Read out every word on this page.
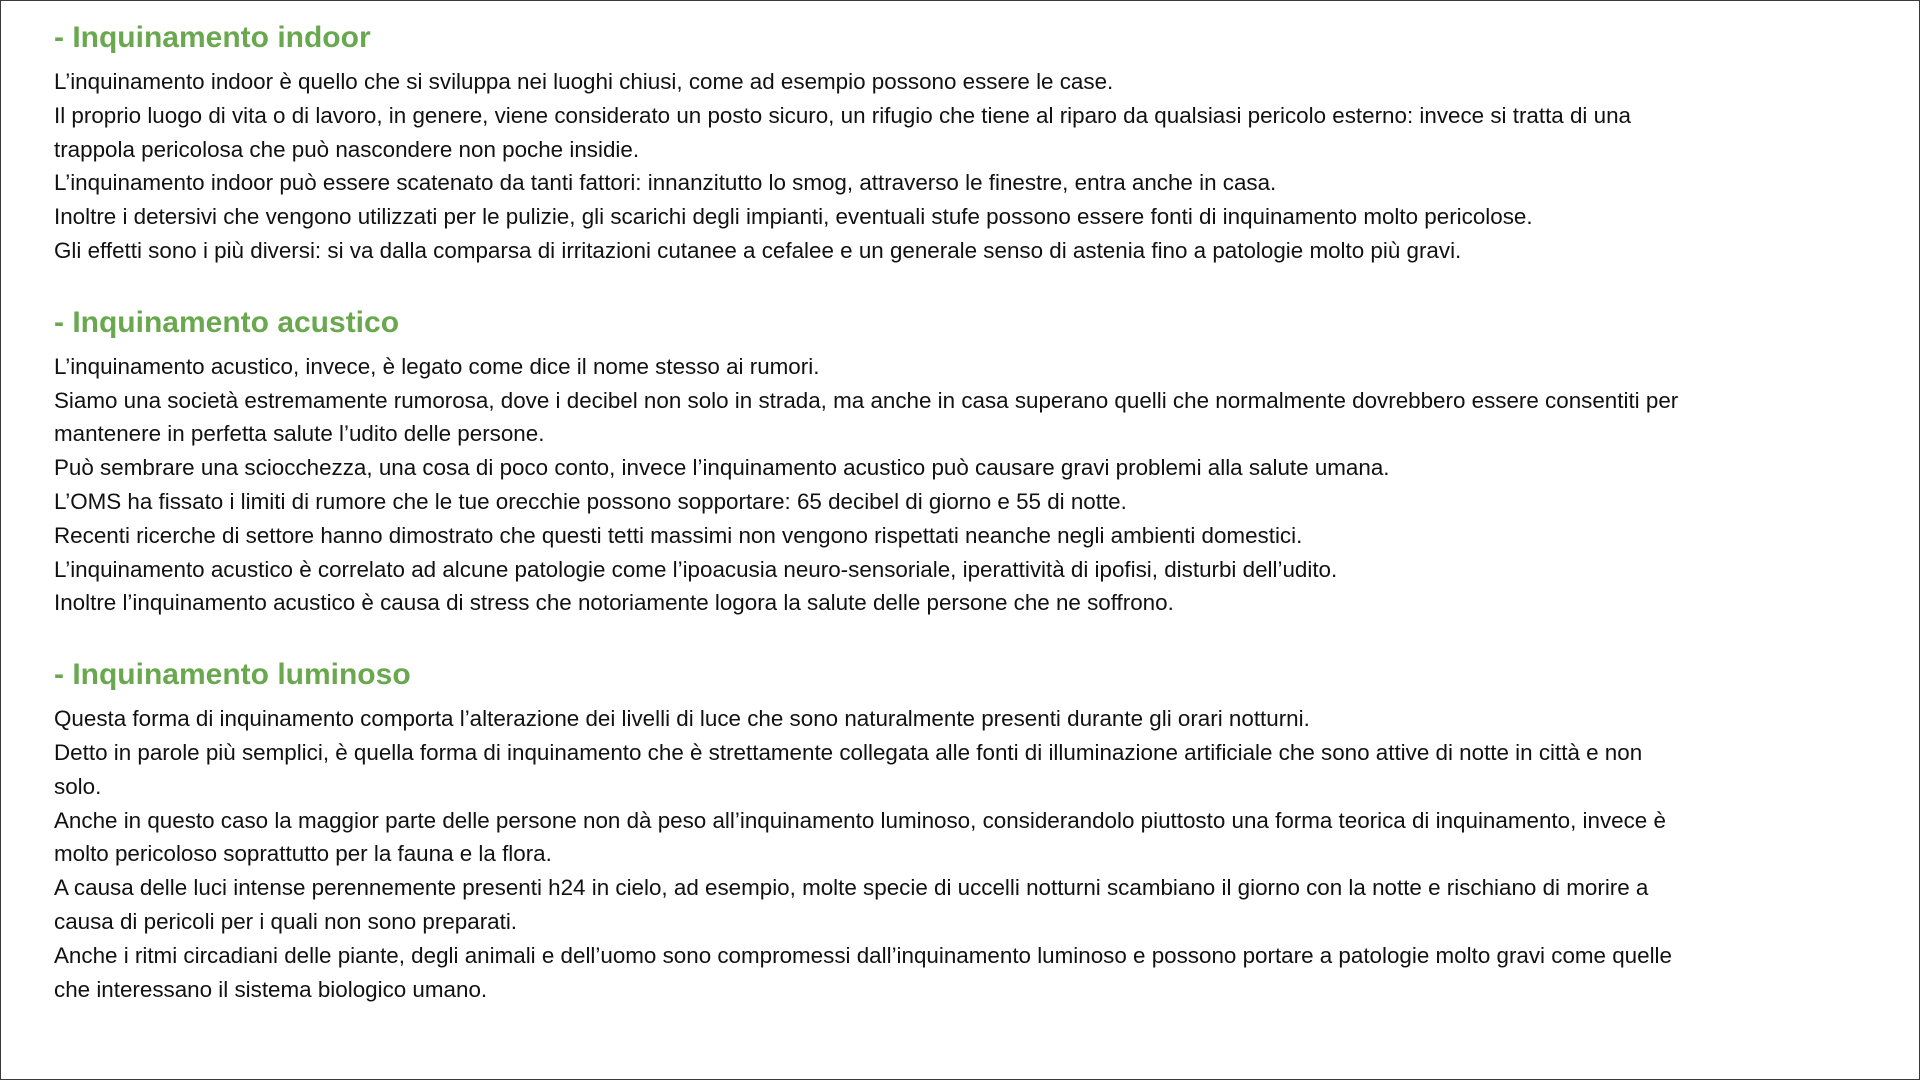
- Inquinamento indoor

L’inquinamento indoor è quello che si sviluppa nei luoghi chiusi, come ad esempio possono essere le case.

Il proprio luogo di vita o di lavoro, in genere, viene considerato un posto sicuro, un rifugio che tiene al riparo da qualsiasi pericolo esterno: invece si tratta di una

trappola pericolosa che può nascondere non poche insidie.

L’inquinamento indoor può essere scatenato da tanti fattori: innanzitutto lo smog, attraverso le finestre, entra anche in casa.

Inoltre i detersivi che vengono utilizzati per le pulizie, gli scarichi degli impianti, eventuali stufe possono essere fonti di inquinamento molto pericolose.

Gli effetti sono i più diversi: si va dalla comparsa di irritazioni cutanee a cefalee e un generale senso di astenia fino a patologie molto più gravi.

- Inquinamento acustico

L’inquinamento acustico, invece, è legato come dice il nome stesso ai rumori.

Siamo una società estremamente rumorosa, dove i decibel non solo in strada, ma anche in casa superano quelli che normalmente dovrebbero essere consentiti per

mantenere in perfetta salute l’udito delle persone.

Può sembrare una sciocchezza, una cosa di poco conto, invece l’inquinamento acustico può causare gravi problemi alla salute umana.

L’OMS ha fissato i limiti di rumore che le tue orecchie possono sopportare: 65 decibel di giorno e 55 di notte.

Recenti ricerche di settore hanno dimostrato che questi tetti massimi non vengono rispettati neanche negli ambienti domestici.

L’inquinamento acustico è correlato ad alcune patologie come l’ipoacusia neuro-sensoriale, iperattività di ipofisi, disturbi dell’udito.

Inoltre l’inquinamento acustico è causa di stress che notoriamente logora la salute delle persone che ne soffrono.

- Inquinamento luminoso

Questa forma di inquinamento comporta l’alterazione dei livelli di luce che sono naturalmente presenti durante gli orari notturni.

Detto in parole più semplici, è quella forma di inquinamento che è strettamente collegata alle fonti di illuminazione artificiale che sono attive di notte in città e non

solo.

Anche in questo caso la maggior parte delle persone non dà peso all’inquinamento luminoso, considerandolo piuttosto una forma teorica di inquinamento, invece è

molto pericoloso soprattutto per la fauna e la flora.

A causa delle luci intense perennemente presenti h24 in cielo, ad esempio, molte specie di uccelli notturni scambiano il giorno con la notte e rischiano di morire a

causa di pericoli per i quali non sono preparati.

Anche i ritmi circadiani delle piante, degli animali e dell’uomo sono compromessi dall’inquinamento luminoso e possono portare a patologie molto gravi come quelle

che interessano il sistema biologico umano.
